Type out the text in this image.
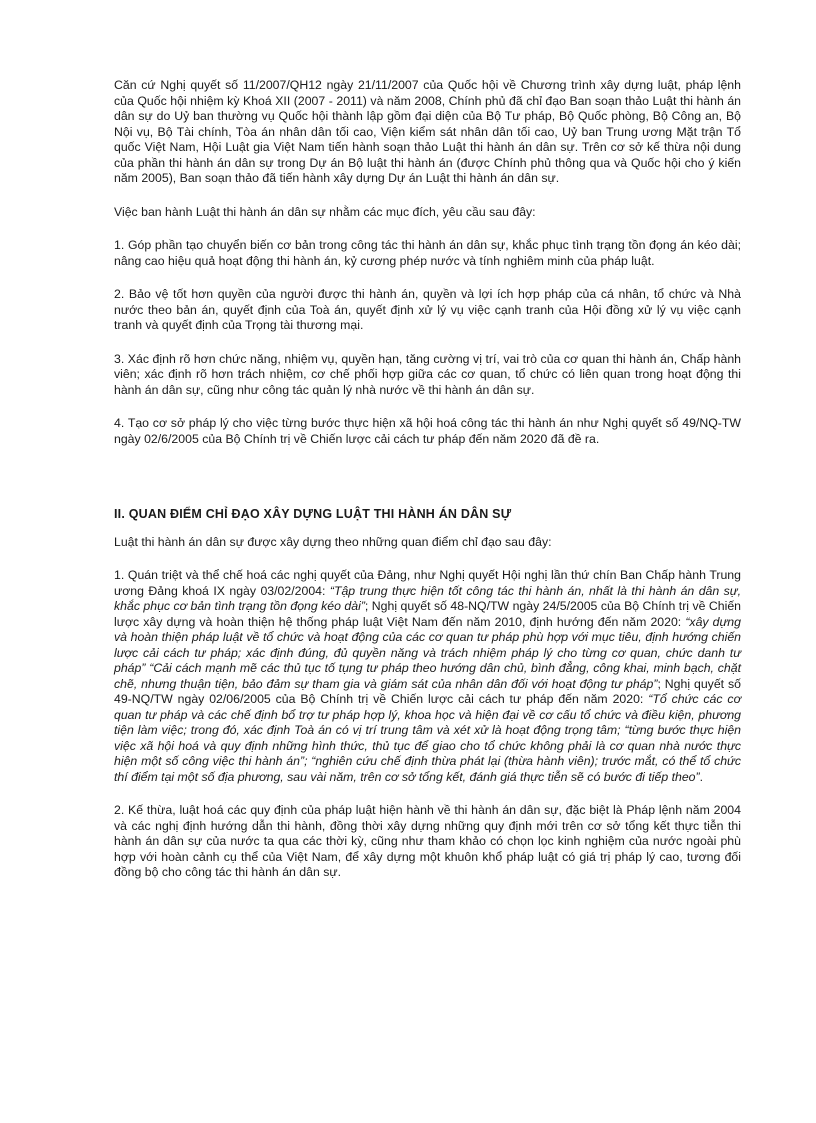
Căn cứ Nghị quyết số 11/2007/QH12 ngày 21/11/2007 của Quốc hội về Chương trình xây dựng luật, pháp lệnh của Quốc hội nhiệm kỳ Khoá XII (2007 - 2011) và năm 2008, Chính phủ đã chỉ đạo Ban soạn thảo Luật thi hành án dân sự do Uỷ ban thường vụ Quốc hội thành lập gồm đại diện của Bộ Tư pháp, Bộ Quốc phòng, Bộ Công an, Bộ Nội vụ, Bộ Tài chính, Tòa án nhân dân tối cao, Viện kiểm sát nhân dân tối cao, Uỷ ban Trung ương Mặt trận Tổ quốc Việt Nam, Hội Luật gia Việt Nam tiến hành soạn thảo Luật thi hành án dân sự. Trên cơ sở kế thừa nội dung của phần thi hành án dân sự trong Dự án Bộ luật thi hành án (được Chính phủ thông qua và Quốc hội cho ý kiến năm 2005), Ban soạn thảo đã tiến hành xây dựng Dự án Luật thi hành án dân sự.

Việc ban hành Luật thi hành án dân sự nhằm các mục đích, yêu cầu sau đây:

1. Góp phần tạo chuyển biến cơ bản trong công tác thi hành án dân sự, khắc phục tình trạng tồn đọng án kéo dài; nâng cao hiệu quả hoạt động thi hành án, kỷ cương phép nước và tính nghiêm minh của pháp luật.

2. Bảo vệ tốt hơn quyền của người được thi hành án, quyền và lợi ích hợp pháp của cá nhân, tổ chức và Nhà nước theo bản án, quyết định của Toà án, quyết định xử lý vụ việc cạnh tranh của Hội đồng xử lý vụ việc cạnh tranh và quyết định của Trọng tài thương mại.

3. Xác định rõ hơn chức năng, nhiệm vụ, quyền hạn, tăng cường vị trí, vai trò của cơ quan thi hành án, Chấp hành viên; xác định rõ hơn trách nhiệm, cơ chế phối hợp giữa các cơ quan, tổ chức có liên quan trong hoạt động thi hành án dân sự, cũng như công tác quản lý nhà nước về thi hành án dân sự.

4. Tạo cơ sở pháp lý cho việc từng bước thực hiện xã hội hoá công tác thi hành án như Nghị quyết số 49/NQ-TW ngày 02/6/2005 của Bộ Chính trị về Chiến lược cải cách tư pháp đến năm 2020 đã đề ra.

II. QUAN ĐIỂM CHỈ ĐẠO XÂY DỰNG LUẬT THI HÀNH ÁN DÂN SỰ

Luật thi hành án dân sự được xây dựng theo những quan điểm chỉ đạo sau đây:

1. Quán triệt và thể chế hoá các nghị quyết của Đảng, như Nghị quyết Hội nghị lần thứ chín Ban Chấp hành Trung ương Đảng khoá IX ngày 03/02/2004: “Tập trung thực hiện tốt công tác thi hành án, nhất là thi hành án dân sự, khắc phục cơ bản tình trạng tồn đọng kéo dài”; Nghị quyết số 48-NQ/TW ngày 24/5/2005 của Bộ Chính trị về Chiến lược xây dựng và hoàn thiện hệ thống pháp luật Việt Nam đến năm 2010, định hướng đến năm 2020: “xây dựng và hoàn thiện pháp luật về tổ chức và hoạt động của các cơ quan tư pháp phù hợp với mục tiêu, định hướng chiến lược cải cách tư pháp; xác định đúng, đủ quyền năng và trách nhiệm pháp lý cho từng cơ quan, chức danh tư pháp” “Cải cách mạnh mẽ các thủ tục tố tụng tư pháp theo hướng dân chủ, bình đẳng, công khai, minh bạch, chặt chẽ, nhưng thuận tiện, bảo đảm sự tham gia và giám sát của nhân dân đối với hoạt động tư pháp”; Nghị quyết số 49-NQ/TW ngày 02/06/2005 của Bộ Chính trị về Chiến lược cải cách tư pháp đến năm 2020: “Tổ chức các cơ quan tư pháp và các chế định bổ trợ tư pháp hợp lý, khoa học và hiện đại về cơ cấu tổ chức và điều kiện, phương tiện làm việc; trong đó, xác định Toà án có vị trí trung tâm và xét xử là hoạt động trọng tâm; “từng bước thực hiện việc xã hội hoá và quy định những hình thức, thủ tục để giao cho tổ chức không phải là cơ quan nhà nước thực hiện một số công việc thi hành án”; “nghiên cứu chế định thừa phát lại (thừa hành viên); trước mắt, có thể tổ chức thí điểm tại một số địa phương, sau vài năm, trên cơ sở tổng kết, đánh giá thực tiễn sẽ có bước đi tiếp theo”.

2. Kế thừa, luật hoá các quy định của pháp luật hiện hành về thi hành án dân sự, đặc biệt là Pháp lệnh năm 2004 và các nghị định hướng dẫn thi hành, đồng thời xây dựng những quy định mới trên cơ sở tổng kết thực tiễn thi hành án dân sự của nước ta qua các thời kỳ, cũng như tham khảo có chọn lọc kinh nghiệm của nước ngoài phù hợp với hoàn cảnh cụ thể của Việt Nam, để xây dựng một khuôn khổ pháp luật có giá trị pháp lý cao, tương đối đồng bộ cho công tác thi hành án dân sự.
